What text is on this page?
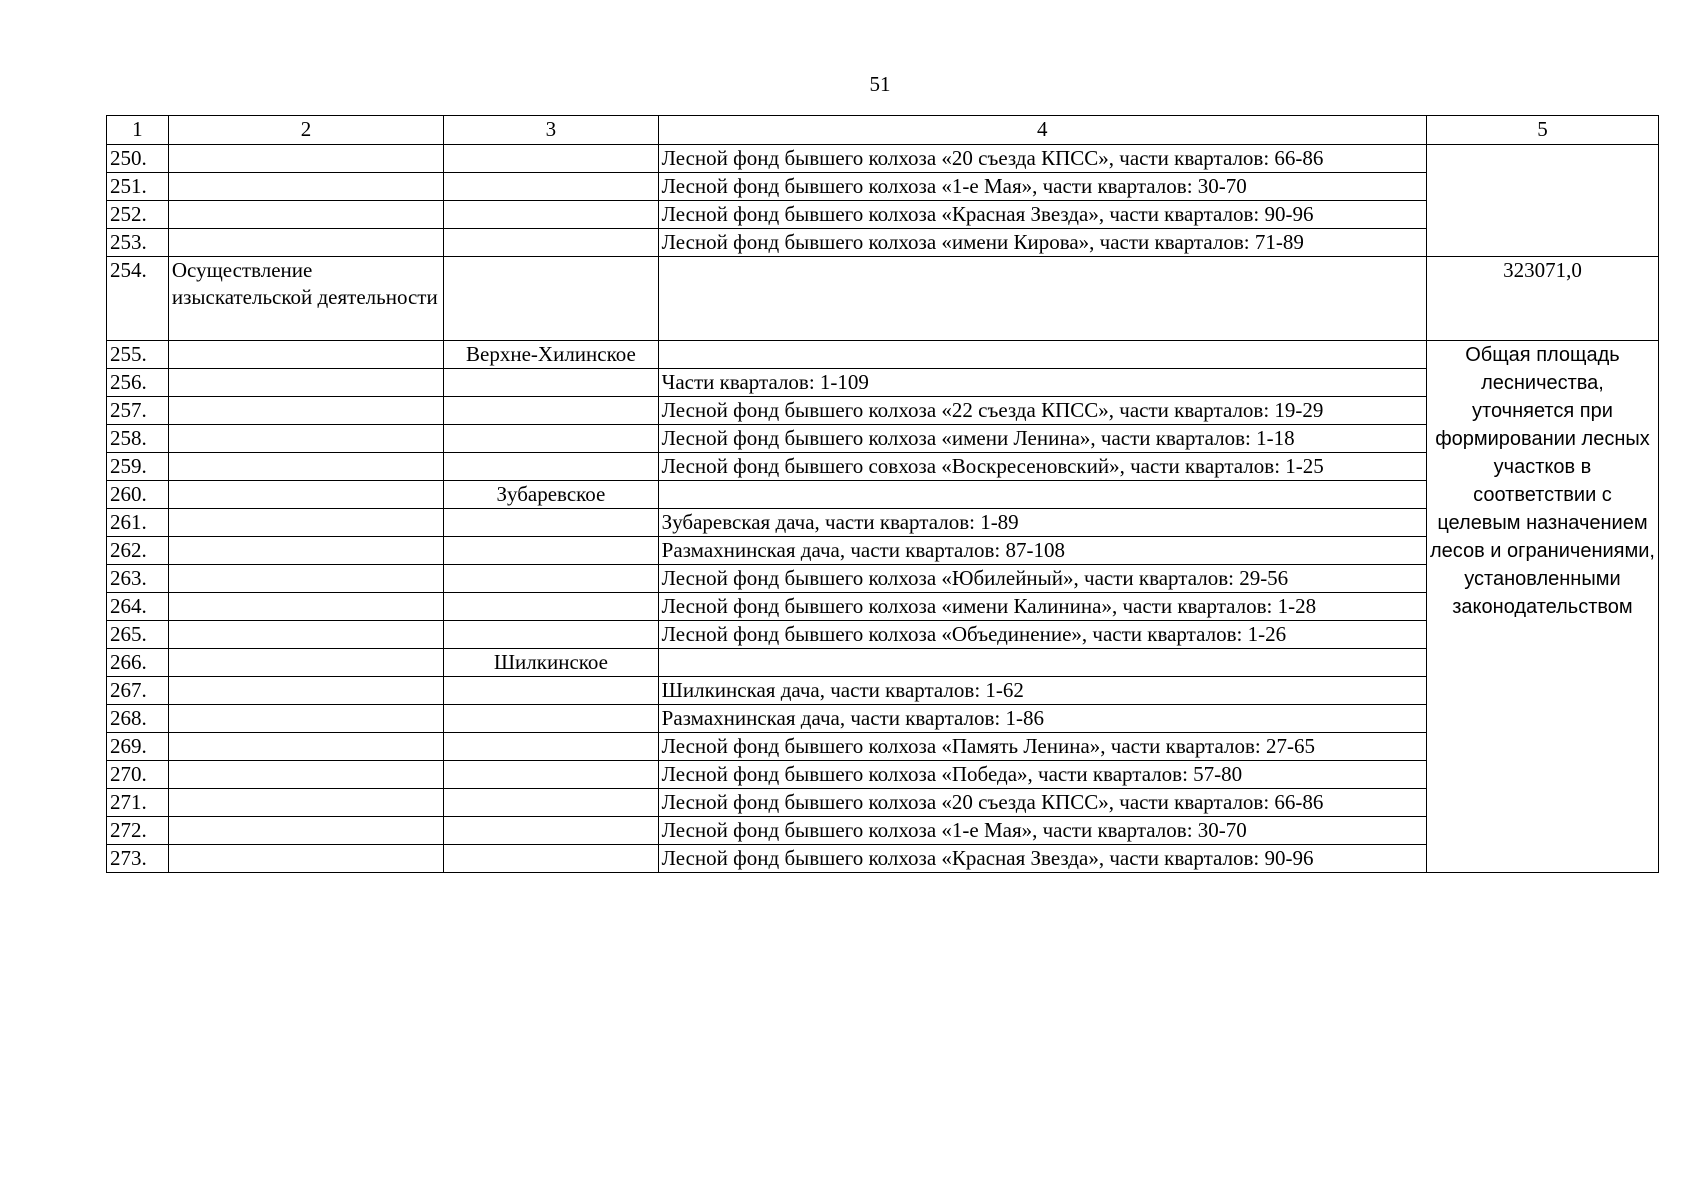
51
1	2	3	4	5
250.			Лесной фонд бывшего колхоза «20 съезда КПСС», части кварталов: 66-86	
251.			Лесной фонд бывшего колхоза «1-е Мая», части кварталов: 30-70	
252.			Лесной фонд бывшего колхоза «Красная Звезда», части кварталов: 90-96	
253.			Лесной фонд бывшего колхоза «имени Кирова», части кварталов: 71-89	
254.	Осуществление изыскательской деятельности			323071,0
255.		Верхне-Хилинское		Общая площадь лесничества, уточняется при формировании лесных участков в соответствии с целевым назначением лесов и ограничениями, установленными законодательством
256.			Части кварталов: 1-109	
257.			Лесной фонд бывшего колхоза «22 съезда КПСС», части кварталов: 19-29	
258.			Лесной фонд бывшего колхоза «имени Ленина», части кварталов: 1-18	
259.			Лесной фонд бывшего совхоза «Воскресеновский», части кварталов: 1-25	
260.		Зубаревское		
261.			Зубаревская дача, части кварталов: 1-89	
262.			Размахнинская дача, части кварталов: 87-108	
263.			Лесной фонд бывшего колхоза «Юбилейный», части кварталов: 29-56	
264.			Лесной фонд бывшего колхоза «имени Калинина», части кварталов: 1-28	
265.			Лесной фонд бывшего колхоза «Объединение», части кварталов: 1-26	
266.		Шилкинское		
267.			Шилкинская дача, части кварталов: 1-62	
268.			Размахнинская дача, части кварталов: 1-86	
269.			Лесной фонд бывшего колхоза «Память Ленина», части кварталов: 27-65	
270.			Лесной фонд бывшего колхоза «Победа», части кварталов: 57-80	
271.			Лесной фонд бывшего колхоза «20 съезда КПСС», части кварталов: 66-86	
272.			Лесной фонд бывшего колхоза «1-е Мая», части кварталов: 30-70	
273.			Лесной фонд бывшего колхоза «Красная Звезда», части кварталов: 90-96	
